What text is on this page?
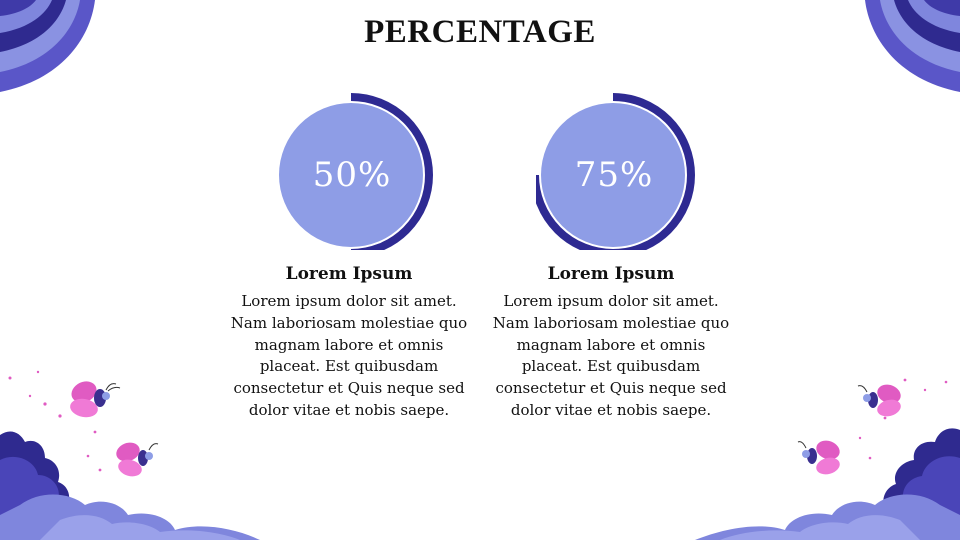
PERCENTAGE
50%
Lorem Ipsum
Lorem ipsum dolor sit amet. Nam laboriosam molestiae quo magnam labore et omnis placeat. Est quibusdam consectetur et Quis neque sed dolor vitae et nobis saepe.
75%
Lorem Ipsum
Lorem ipsum dolor sit amet. Nam laboriosam molestiae quo magnam labore et omnis placeat. Est quibusdam consectetur et Quis neque sed dolor vitae et nobis saepe.
